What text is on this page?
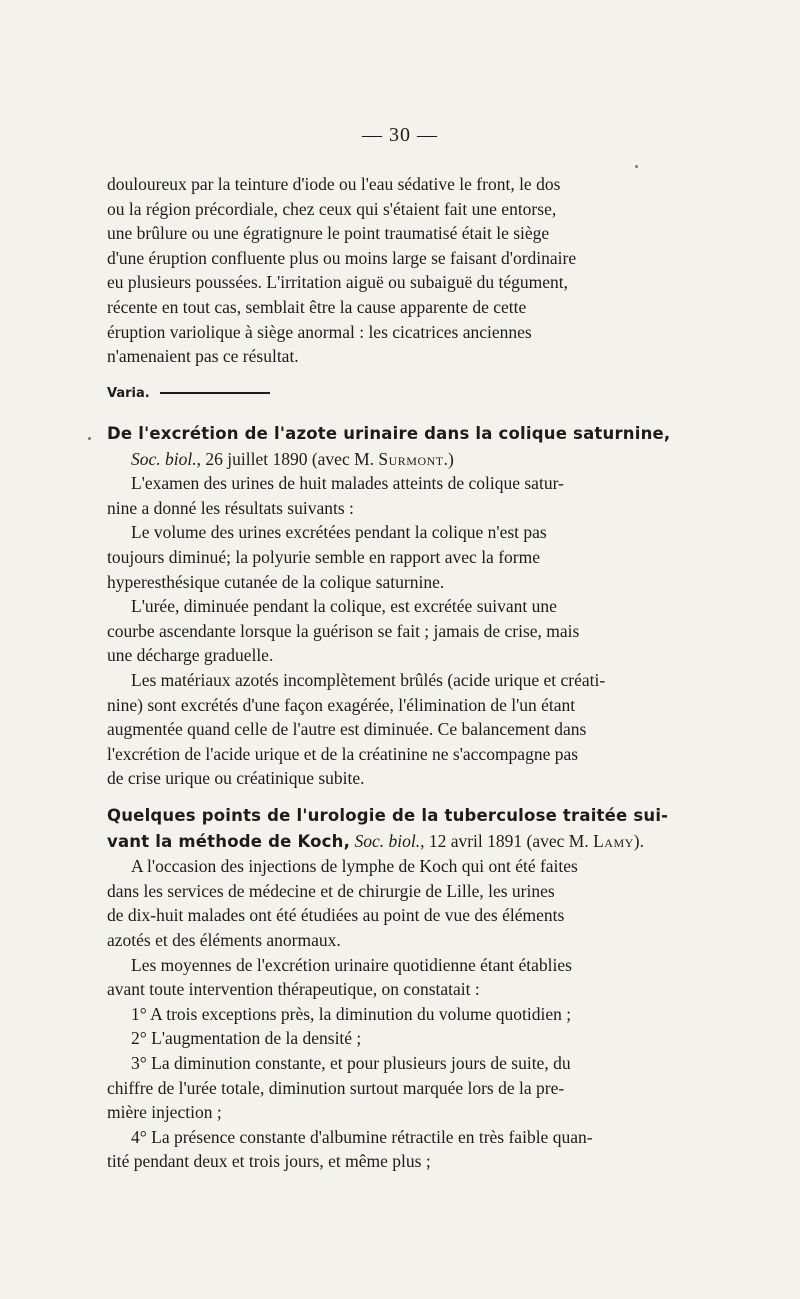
— 30 —

douloureux par la teinture d'iode ou l'eau sédative le front, le dos

ou la région précordiale, chez ceux qui s'étaient fait une entorse,

une brûlure ou une égratignure le point traumatisé était le siège

d'une éruption confluente plus ou moins large se faisant d'ordinaire

eu plusieurs poussées. L'irritation aiguë ou subaiguë du tégument,

récente en tout cas, semblait être la cause apparente de cette

éruption variolique à siège anormal : les cicatrices anciennes

n'amenaient pas ce résultat.

Varia.

De l'excrétion de l'azote urinaire dans la colique saturnine,

Soc. biol., 26 juillet 1890 (avec M. Surmont.)

L'examen des urines de huit malades atteints de colique satur-

nine a donné les résultats suivants :

Le volume des urines excrétées pendant la colique n'est pas

toujours diminué; la polyurie semble en rapport avec la forme

hyperesthésique cutanée de la colique saturnine.

L'urée, diminuée pendant la colique, est excrétée suivant une

courbe ascendante lorsque la guérison se fait ; jamais de crise, mais

une décharge graduelle.

Les matériaux azotés incomplètement brûlés (acide urique et créati-

nine) sont excrétés d'une façon exagérée, l'élimination de l'un étant

augmentée quand celle de l'autre est diminuée. Ce balancement dans

l'excrétion de l'acide urique et de la créatinine ne s'accompagne pas

de crise urique ou créatinique subite.

Quelques points de l'urologie de la tuberculose traitée sui-

vant la méthode de Koch, Soc. biol., 12 avril 1891 (avec M. Lamy).

A l'occasion des injections de lymphe de Koch qui ont été faites

dans les services de médecine et de chirurgie de Lille, les urines

de dix-huit malades ont été étudiées au point de vue des éléments

azotés et des éléments anormaux.

Les moyennes de l'excrétion urinaire quotidienne étant établies

avant toute intervention thérapeutique, on constatait :

1° A trois exceptions près, la diminution du volume quotidien ;

2° L'augmentation de la densité ;

3° La diminution constante, et pour plusieurs jours de suite, du

chiffre de l'urée totale, diminution surtout marquée lors de la pre-

mière injection ;

4° La présence constante d'albumine rétractile en très faible quan-

tité pendant deux et trois jours, et même plus ;
